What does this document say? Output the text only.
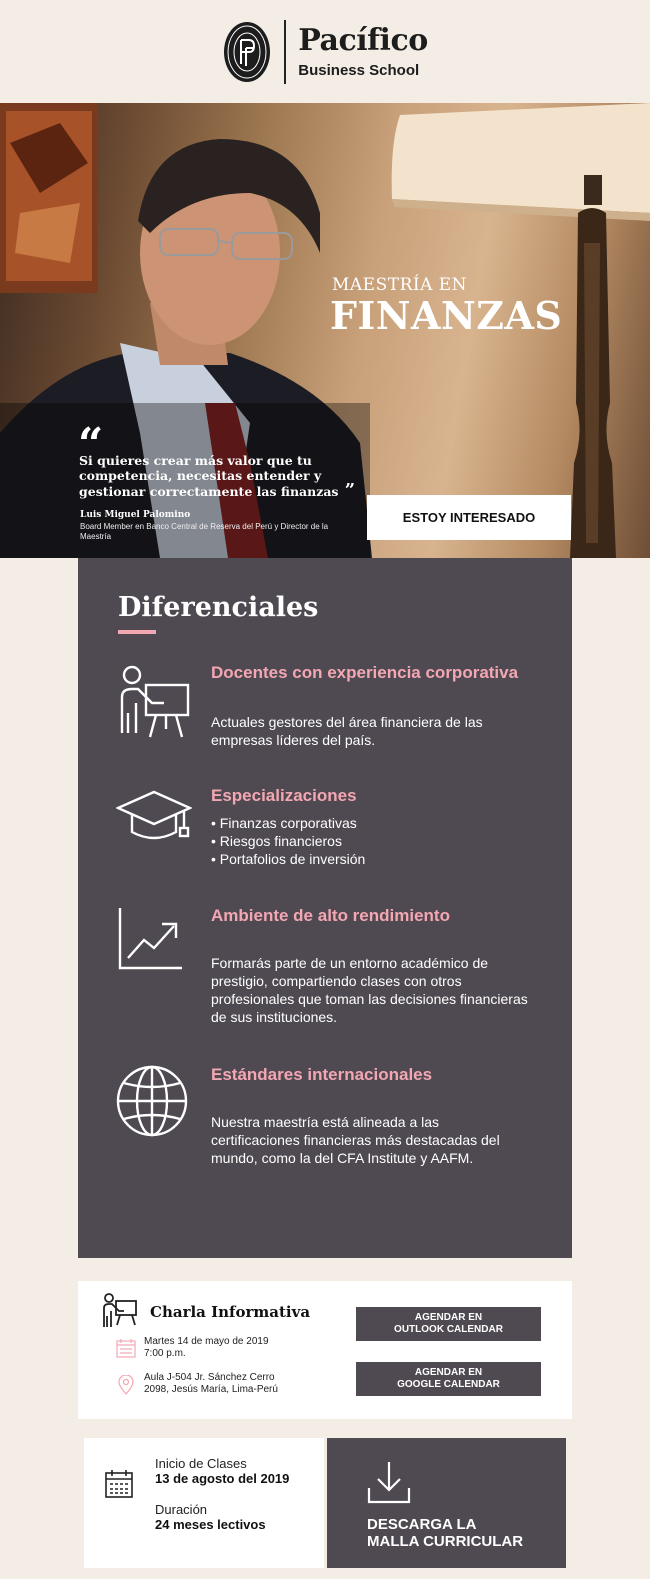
Pacífico
Business School
MAESTRÍA EN
FINANZAS
“
Si quieres crear más valor que tu competencia, necesitas entender y gestionar correctamente las finanzas ”
Luis Miguel Palomino
Board Member en Banco Central de Reserva del Perú y Director de la Maestría
ESTOY INTERESADO
Diferenciales
Docentes con experiencia corporativa
Actuales gestores del área financiera de las empresas líderes del país.
Especializaciones
• Finanzas corporativas
• Riesgos financieros
• Portafolios de inversión
Ambiente de alto rendimiento
Formarás parte de un entorno académico de prestigio, compartiendo clases con otros profesionales que toman las decisiones financieras de sus instituciones.
Estándares internacionales
Nuestra maestría está alineada a las certificaciones financieras más destacadas del mundo, como la del CFA Institute y AAFM.
Charla Informativa
Martes 14 de mayo de 2019
7:00 p.m.
Aula J-504 Jr. Sánchez Cerro
2098, Jesús María, Lima-Perú
AGENDAR EN
OUTLOOK CALENDAR
AGENDAR EN
GOOGLE CALENDAR
Inicio de Clases
13 de agosto del 2019
Duración
24 meses lectivos	DESCARGA LA
MALLA CURRICULAR
